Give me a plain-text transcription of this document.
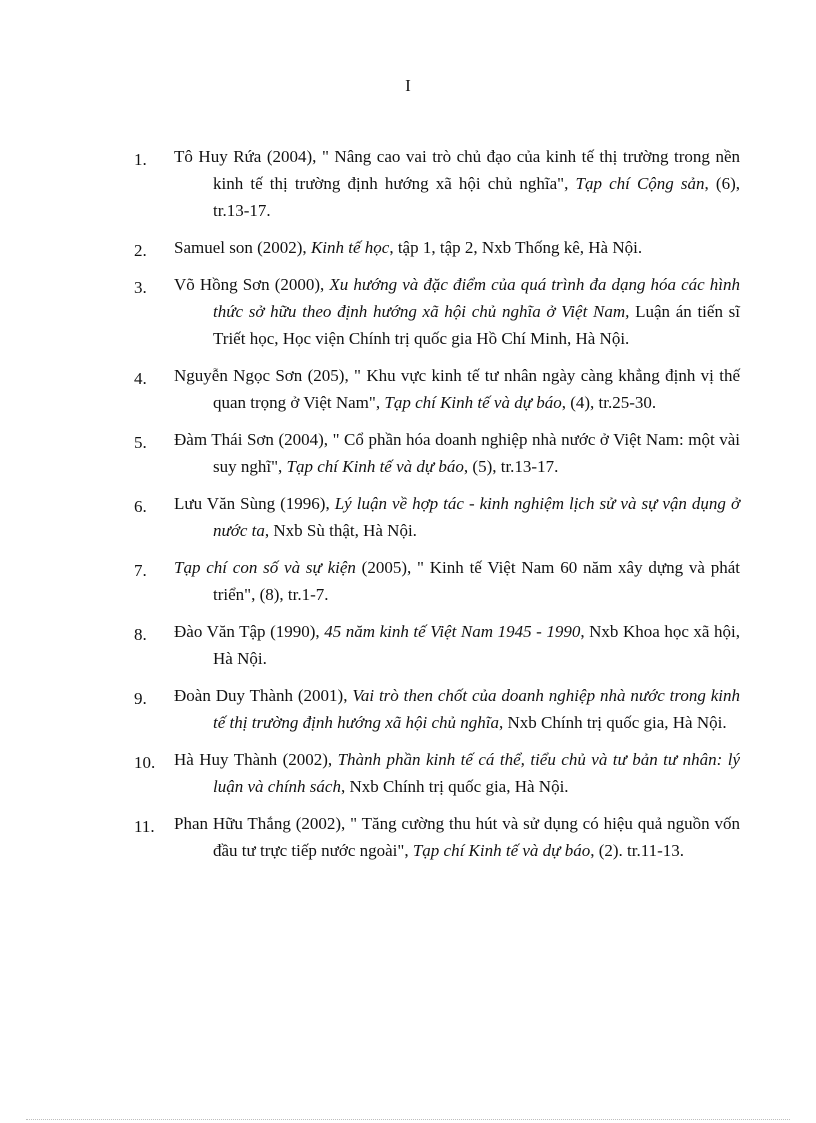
I
1.	Tô Huy Rứa (2004), " Nâng cao vai trò chủ đạo của kinh tế thị trường trong nền kinh tế thị trường định hướng xã hội chủ nghĩa", Tạp chí Cộng sản, (6), tr.13-17.
2.	Samuel son (2002), Kinh tế học, tập 1, tập 2, Nxb Thống kê, Hà Nội.
3.	Võ Hồng Sơn (2000), Xu hướng và đặc điểm của quá trình đa dạng hóa các hình thức sở hữu theo định hướng xã hội chủ nghĩa ở Việt Nam, Luận án tiến sĩ Triết học, Học viện Chính trị quốc gia Hồ Chí Minh, Hà Nội.
4.	Nguyễn Ngọc Sơn (205), " Khu vực kinh tế tư nhân ngày càng khẳng định vị thế quan trọng ở Việt Nam", Tạp chí Kinh tế và dự báo, (4), tr.25-30.
5.	Đàm Thái Sơn (2004), " Cổ phần hóa doanh nghiệp nhà nước ở Việt Nam: một vài suy nghĩ", Tạp chí Kinh tế và dự báo, (5), tr.13-17.
6.	Lưu Văn Sùng (1996), Lý luận về hợp tác - kinh nghiệm lịch sử và sự vận dụng ở nước ta, Nxb Sù thật, Hà Nội.
7.	Tạp chí con số và sự kiện (2005), " Kinh tế Việt Nam 60 năm xây dựng và phát triển", (8), tr.1-7.
8.	Đào Văn Tập (1990), 45 năm kinh tế Việt Nam 1945 - 1990, Nxb Khoa học xã hội, Hà Nội.
9.	Đoàn Duy Thành (2001), Vai trò then chốt của doanh nghiệp nhà nước trong kinh tế thị trường định hướng xã hội chủ nghĩa, Nxb Chính trị quốc gia, Hà Nội.
10.	Hà Huy Thành (2002), Thành phần kinh tế cá thể, tiểu chủ và tư bản tư nhân: lý luận và chính sách, Nxb Chính trị quốc gia, Hà Nội.
11.	Phan Hữu Thắng (2002), " Tăng cường thu hút và sử dụng có hiệu quả nguồn vốn đầu tư trực tiếp nước ngoài", Tạp chí Kinh tế và dự báo, (2). tr.11-13.
